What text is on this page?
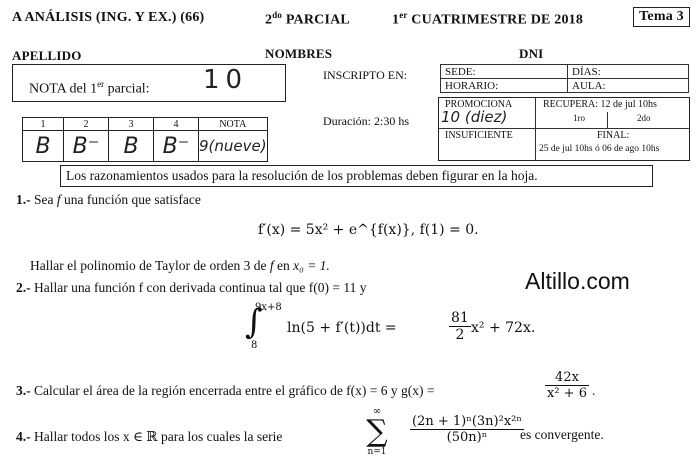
A ANÁLISIS (ING. Y EX.) (66)	$2^{do}$ PARCIAL	1er CUATRIMESTRE DE 2018	Tema 3
APELLIDO	NOMBRES	DNI
NOTA del 1er parcial: 10	INSCRIPTO EN:	SEDE:	DÍAS:
HORARIO:	AULA:
1	2	3	4	NOTA
B	B⁻	B	B⁻	9(nueve)
Duración: 2:30 hs
PROMOCIONA
10 (diez)
RECUPERA: 12 de jul 10hs
1ro	2do
INSUFICIENTE	FINAL:
25 de jul 10hs ó 06 de ago 10hs
Los razonamientos usados para la resolución de los problemas deben figurar en la hoja.
Altillo.com
1.- Sea f una función que satisface
f′(x) = 5x² + e^{f(x)}, f(1) = 0.
Hallar el polinomio de Taylor de orden 3 de f en x₀ = 1.
2.- Hallar una función f con derivada continua tal que f(0) = 11 y
∫
9x+8
8
ln(5 + f′(t))dt =	$\frac{81}{2} x^2 + 72x$.
3.- Calcular el área de la región encerrada entre el gráfico de f(x) = 6 y g(x) =	$\frac{42x}{\text{x² + 6}}$ .
4.- Hallar todos los x ∈ ℝ para los cuales la serie
∞
∑
n=1
$\frac{\text{(2n + 1)ⁿ(3n)²x²ⁿ}}{\text{(50n)ⁿ}}$
es convergente.
